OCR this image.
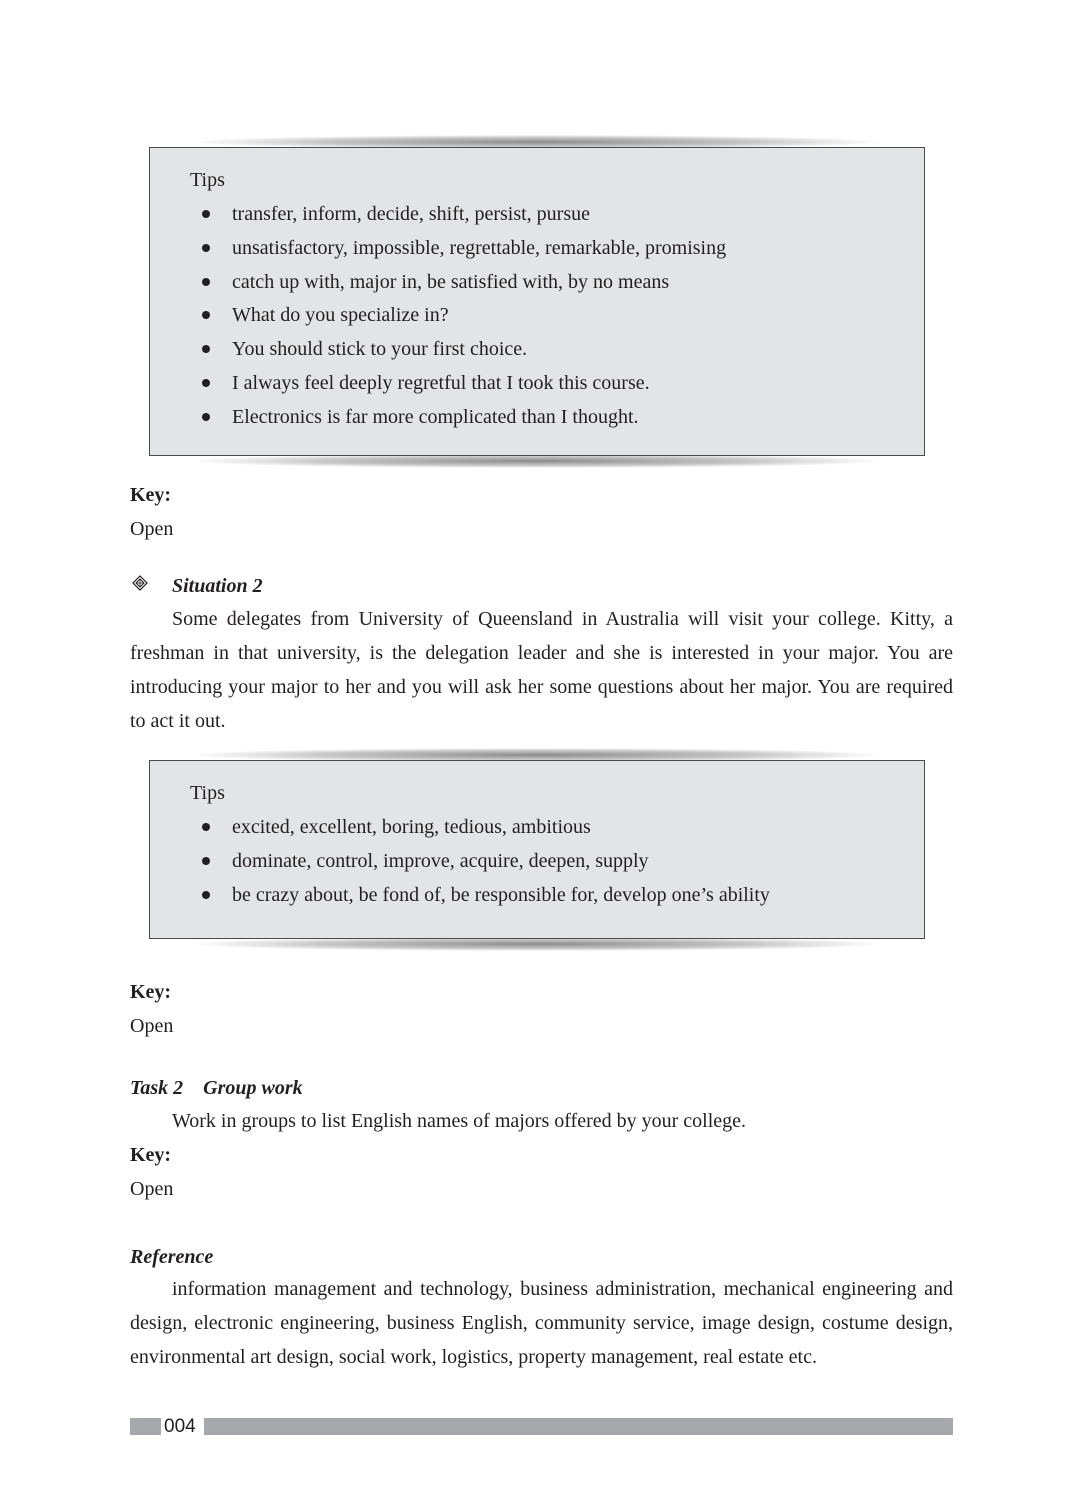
Tips
transfer, inform, decide, shift, persist, pursue
unsatisfactory, impossible, regrettable, remarkable, promising
catch up with, major in, be satisfied with, by no means
What do you specialize in?
You should stick to your first choice.
I always feel deeply regretful that I took this course.
Electronics is far more complicated than I thought.
Key:
Open
Situation 2

Some delegates from University of Queensland in Australia will visit your college. Kitty, a freshman in that university, is the delegation leader and she is interested in your major. You are introducing your major to her and you will ask her some questions about her major. You are required to act it out.

Tips
excited, excellent, boring, tedious, ambitious
dominate, control, improve, acquire, deepen, supply
be crazy about, be fond of, be responsible for, develop one’s ability
Key:
Open
Task 2    Group work

Work in groups to list English names of majors offered by your college.

Key:
Open
Reference

information management and technology, business administration, mechanical engineering and design, electronic engineering, business English, community service, image design, costume design, environmental art design, social work, logistics, property management, real estate etc.

004
